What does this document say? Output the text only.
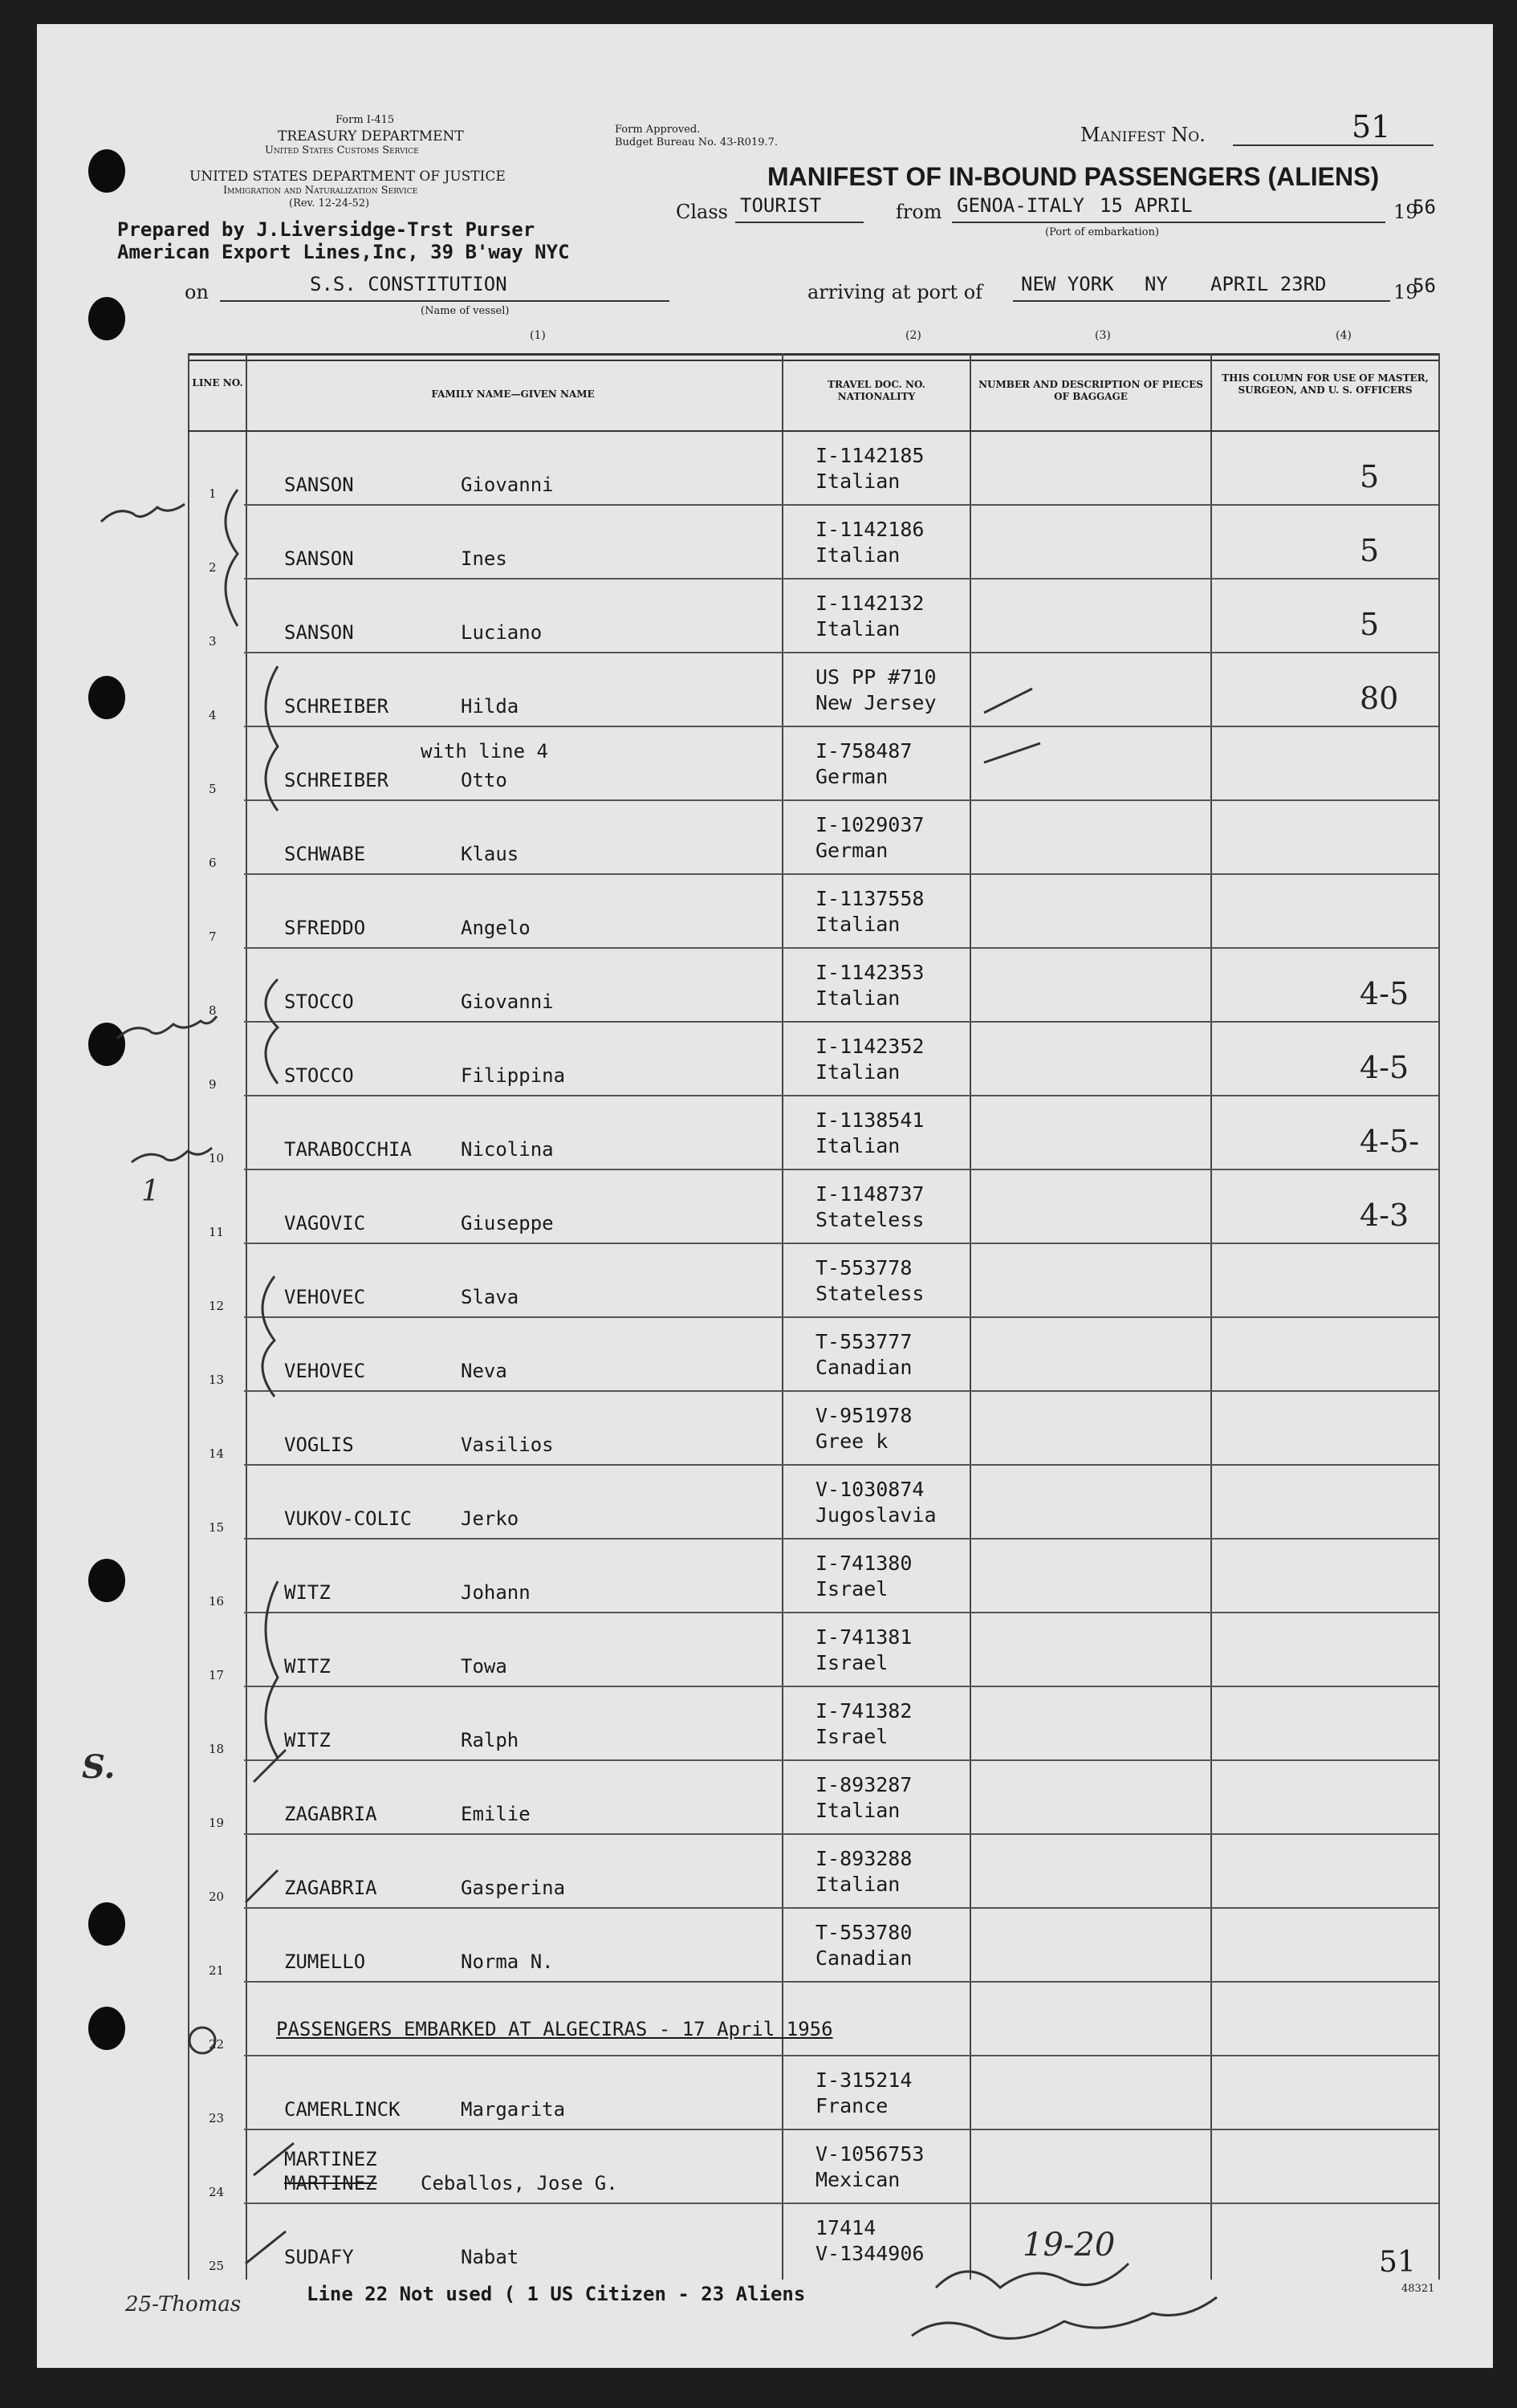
Form I-415
TREASURY DEPARTMENT
United States Customs Service
UNITED STATES DEPARTMENT OF JUSTICE
Immigration and Naturalization Service
(Rev. 12-24-52)
Form Approved.
Budget Bureau No. 43-R019.7.	Manifest No.	51
MANIFEST OF IN-BOUND PASSENGERS (ALIENS)
Class TOURIST	from GENOA-ITALY 15 APRIL	19
56
(Port of embarkation)
Prepared by J.Liversidge-Trst Purser
American Export Lines,Inc, 39 B'way NYC
on	S.S. CONSTITUTION
(Name of vessel)
arriving at port of NEW YORK NY APRIL 23RD	19
56
(1)	(2)	(3)	(4)
LINE NO.
FAMILY NAME—GIVEN NAME
TRAVEL DOC. NO. NATIONALITY
NUMBER AND DESCRIPTION OF PIECES OF BAGGAGE
THIS COLUMN FOR USE OF MASTER, SURGEON, AND U. S. OFFICERS
1	SANSON	Giovanni
I-1142185
Italian	5
2	SANSON	Ines
I-1142186
Italian	5
3	SANSON	Luciano
I-1142132
Italian	5
4	SCHREIBER	Hilda
US PP #710
New Jersey	80
5	SCHREIBER	Otto
with line 4	I-758487
German
6	SCHWABE	Klaus
I-1029037
German
7	SFREDDO	Angelo
I-1137558
Italian
8	STOCCO	Giovanni
I-1142353
Italian	4-5
9	STOCCO	Filippina
I-1142352
Italian	4-5
10	TARABOCCHIA	Nicolina
I-1138541
Italian	4-5-
11	VAGOVIC	Giuseppe
I-1148737
Stateless	4-3
12	VEHOVEC	Slava
T-553778
Stateless
13	VEHOVEC	Neva
T-553777
Canadian
14	VOGLIS	Vasilios
V-951978
Gree k
15	VUKOV-COLIC	Jerko
V-1030874
Jugoslavia
16	WITZ	Johann
I-741380
Israel
17	WITZ	Towa
I-741381
Israel
18	WITZ	Ralph
I-741382
Israel
19	ZAGABRIA	Emilie
I-893287
Italian
20	ZAGABRIA	Gasperina
I-893288
Italian
21	ZUMELLO	Norma N.
T-553780
Canadian
22
PASSENGERS EMBARKED AT ALGECIRAS - 17 April 1956
23	CAMERLINCK	Margarita
I-315214
France
24
MARTINEZ
MARTINEZ Ceballos, Jose G.
V-1056753
Mexican
25	SUDAFY	Nabat
17414
V-1344906
S.
1
25-Thomas	Line 22 Not used ( 1 US Citizen - 23 Aliens
19-20	51
48321
